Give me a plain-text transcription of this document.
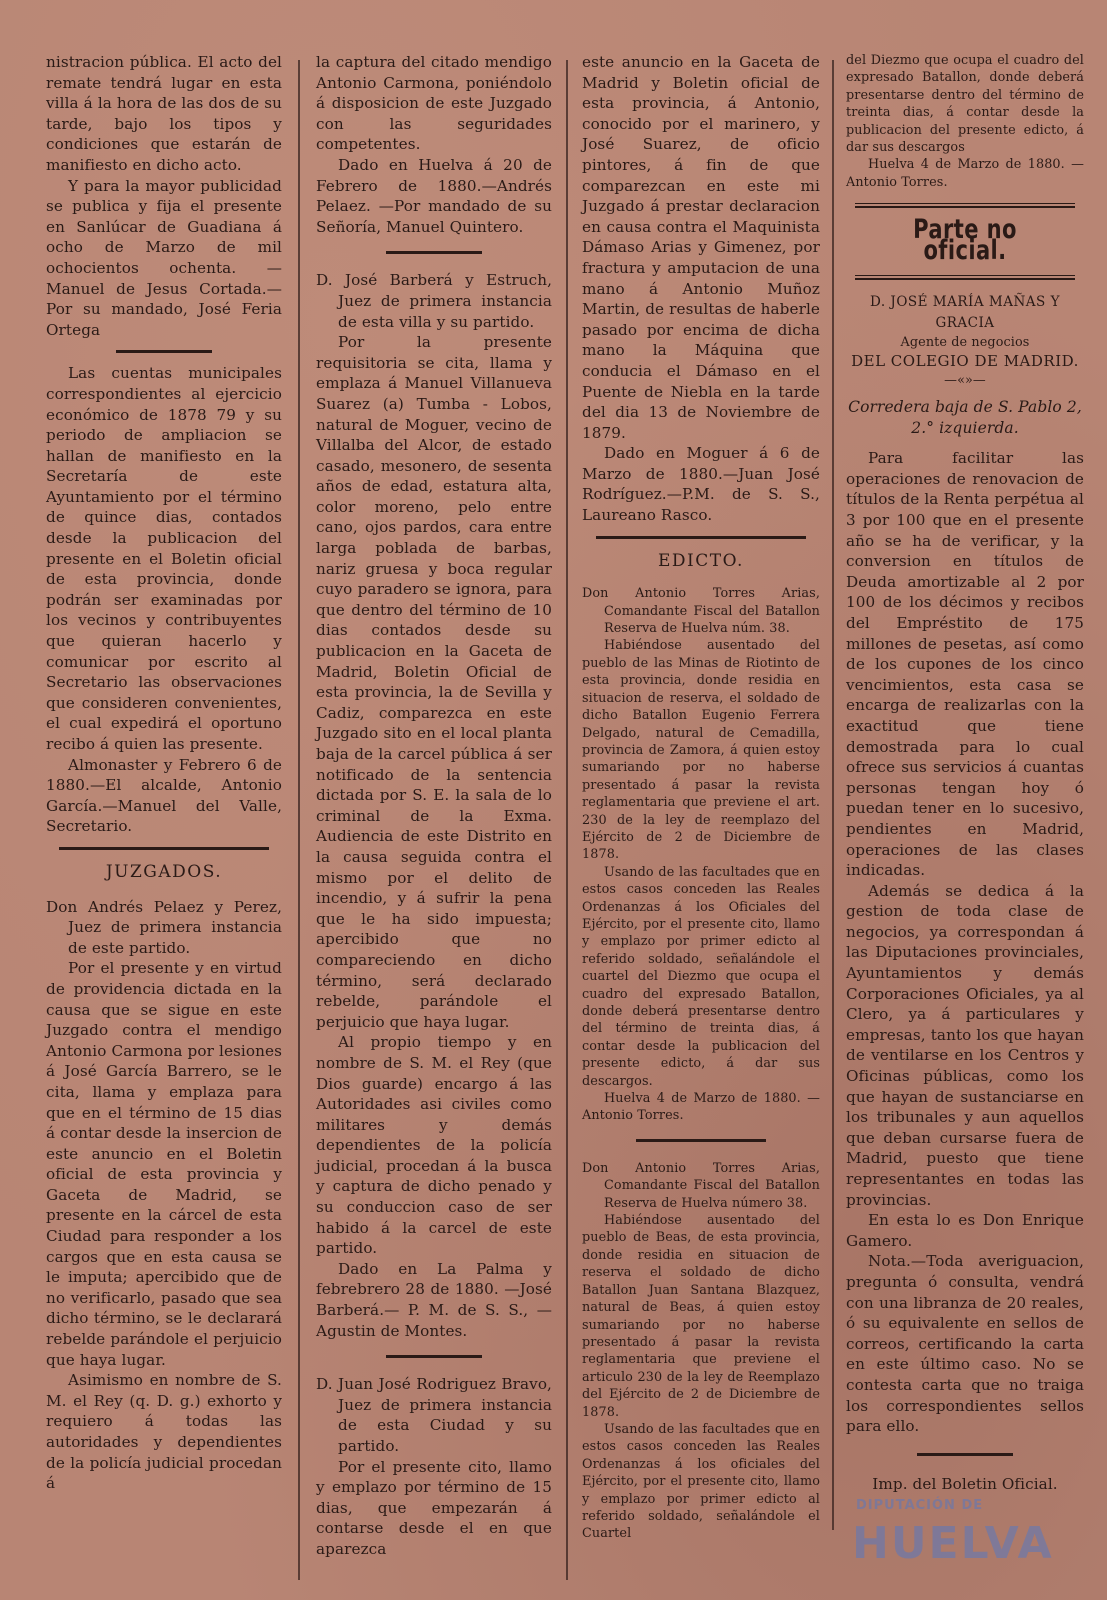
nistracion pública. El acto del remate tendrá lugar en esta villa á la hora de las dos de su tarde, bajo los tipos y condiciones que estarán de manifiesto en dicho acto.

Y para la mayor publicidad se publica y fija el presente en Sanlúcar de Guadiana á ocho de Marzo de mil ochocientos ochenta. — Manuel de Jesus Cortada.—Por su mandado, José Feria Ortega

Las cuentas municipales correspondientes al ejercicio económico de 1878 79 y su periodo de ampliacion se hallan de manifiesto en la Secretaría de este Ayuntamiento por el término de quince dias, contados desde la publicacion del presente en el Boletin oficial de esta provincia, donde podrán ser examinadas por los vecinos y contribuyentes que quieran hacerlo y comunicar por escrito al Secretario las observaciones que consideren convenientes, el cual expedirá el oportuno recibo á quien las presente.

Almonaster y Febrero 6 de 1880.—El alcalde, Antonio García.—Manuel del Valle, Secretario.

JUZGADOS.

Don Andrés Pelaez y Perez, Juez de primera instancia de este partido.

Por el presente y en virtud de providencia dictada en la causa que se sigue en este Juzgado contra el mendigo Antonio Carmona por lesiones á José García Barrero, se le cita, llama y emplaza para que en el término de 15 dias á contar desde la insercion de este anuncio en el Boletin oficial de esta provincia y Gaceta de Madrid, se presente en la cárcel de esta Ciudad para responder a los cargos que en esta causa se le imputa; apercibido que de no verificarlo, pasado que sea dicho término, se le declarará rebelde parándole el perjuicio que haya lugar.

Asimismo en nombre de S. M. el Rey (q. D. g.) exhorto y requiero á todas las autoridades y dependientes de la policía judicial procedan á

la captura del citado mendigo Antonio Carmona, poniéndolo á disposicion de este Juzgado con las seguridades competentes.

Dado en Huelva á 20 de Febrero de 1880.—Andrés Pelaez. —Por mandado de su Señoría, Manuel Quintero.

D. José Barberá y Estruch, Juez de primera instancia de esta villa y su partido.

Por la presente requisitoria se cita, llama y emplaza á Manuel Villanueva Suarez (a) Tumba - Lobos, natural de Moguer, vecino de Villalba del Alcor, de estado casado, mesonero, de sesenta años de edad, estatura alta, color moreno, pelo entre cano, ojos pardos, cara entre larga poblada de barbas, nariz gruesa y boca regular cuyo paradero se ignora, para que dentro del término de 10 dias contados desde su publicacion en la Gaceta de Madrid, Boletin Oficial de esta provincia, la de Sevilla y Cadiz, comparezca en este Juzgado sito en el local planta baja de la carcel pública á ser notificado de la sentencia dictada por S. E. la sala de lo criminal de la Exma. Audiencia de este Distrito en la causa seguida contra el mismo por el delito de incendio, y á sufrir la pena que le ha sido impuesta; apercibido que no compareciendo en dicho término, será declarado rebelde, parándole el perjuicio que haya lugar.

Al propio tiempo y en nombre de S. M. el Rey (que Dios guarde) encargo á las Autoridades asi civiles como militares y demás dependientes de la policía judicial, procedan á la busca y captura de dicho penado y su conduccion caso de ser habido á la carcel de este partido.

Dado en La Palma y febrebrero 28 de 1880. —José Barberá.— P. M. de S. S., —Agustin de Montes.

D. Juan José Rodriguez Bravo, Juez de primera instancia de esta Ciudad y su partido.

Por el presente cito, llamo y emplazo por término de 15 dias, que empezarán á contarse desde el en que aparezca

este anuncio en la Gaceta de Madrid y Boletin oficial de esta provincia, á Antonio, conocido por el marinero, y José Suarez, de oficio pintores, á fin de que comparezcan en este mi Juzgado á prestar declaracion en causa contra el Maquinista Dámaso Arias y Gimenez, por fractura y amputacion de una mano á Antonio Muñoz Martin, de resultas de haberle pasado por encima de dicha mano la Máquina que conducia el Dámaso en el Puente de Niebla en la tarde del dia 13 de Noviembre de 1879.

Dado en Moguer á 6 de Marzo de 1880.—Juan José Rodríguez.—P.M. de S. S., Laureano Rasco.

EDICTO.

Don Antonio Torres Arias, Comandante Fiscal del Batallon Reserva de Huelva núm. 38.

Habiéndose ausentado del pueblo de las Minas de Riotinto de esta provincia, donde residia en situacion de reserva, el soldado de dicho Batallon Eugenio Ferrera Delgado, natural de Cemadilla, provincia de Zamora, á quien estoy sumariando por no haberse presentado á pasar la revista reglamentaria que previene el art. 230 de la ley de reemplazo del Ejército de 2 de Diciembre de 1878.

Usando de las facultades que en estos casos conceden las Reales Ordenanzas á los Oficiales del Ejército, por el presente cito, llamo y emplazo por primer edicto al referido soldado, señalándole el cuartel del Diezmo que ocupa el cuadro del expresado Batallon, donde deberá presentarse dentro del término de treinta dias, á contar desde la publicacion del presente edicto, á dar sus descargos.

Huelva 4 de Marzo de 1880. — Antonio Torres.

Don Antonio Torres Arias, Comandante Fiscal del Batallon Reserva de Huelva número 38.

Habiéndose ausentado del pueblo de Beas, de esta provincia, donde residia en situacion de reserva el soldado de dicho Batallon Juan Santana Blazquez, natural de Beas, á quien estoy sumariando por no haberse presentado á pasar la revista reglamentaria que previene el articulo 230 de la ley de Reemplazo del Ejército de 2 de Diciembre de 1878.

Usando de las facultades que en estos casos conceden las Reales Ordenanzas á los oficiales del Ejército, por el presente cito, llamo y emplazo por primer edicto al referido soldado, señalándole el Cuartel

del Diezmo que ocupa el cuadro del expresado Batallon, donde deberá presentarse dentro del término de treinta dias, á contar desde la publicacion del presente edicto, á dar sus descargos

Huelva 4 de Marzo de 1880. — Antonio Torres.

Parte no oficial.

D. JOSÉ MARÍA MAÑAS Y GRACIA

Agente de negocios

DEL COLEGIO DE MADRID.

—«»—

Corredera baja de S. Pablo 2, 2.° izquierda.

Para facilitar las operaciones de renovacion de títulos de la Renta perpétua al 3 por 100 que en el presente año se ha de verificar, y la conversion en títulos de Deuda amortizable al 2 por 100 de los décimos y recibos del Empréstito de 175 millones de pesetas, así como de los cupones de los cinco vencimientos, esta casa se encarga de realizarlas con la exactitud que tiene demostrada para lo cual ofrece sus servicios á cuantas personas tengan hoy ó puedan tener en lo sucesivo, pendientes en Madrid, operaciones de las clases indicadas.

Además se dedica á la gestion de toda clase de negocios, ya correspondan á las Diputaciones provinciales, Ayuntamientos y demás Corporaciones Oficiales, ya al Clero, ya á particulares y empresas, tanto los que hayan de ventilarse en los Centros y Oficinas públicas, como los que hayan de sustanciarse en los tribunales y aun aquellos que deban cursarse fuera de Madrid, puesto que tiene representantes en todas las provincias.

En esta lo es Don Enrique Gamero.

Nota.—Toda averiguacion, pregunta ó consulta, vendrá con una libranza de 20 reales, ó su equivalente en sellos de correos, certificando la carta en este último caso. No se contesta carta que no traiga los correspondientes sellos para ello.

Imp. del Boletin Oficial.

DIPUTACIÓN DE
HUELVA
